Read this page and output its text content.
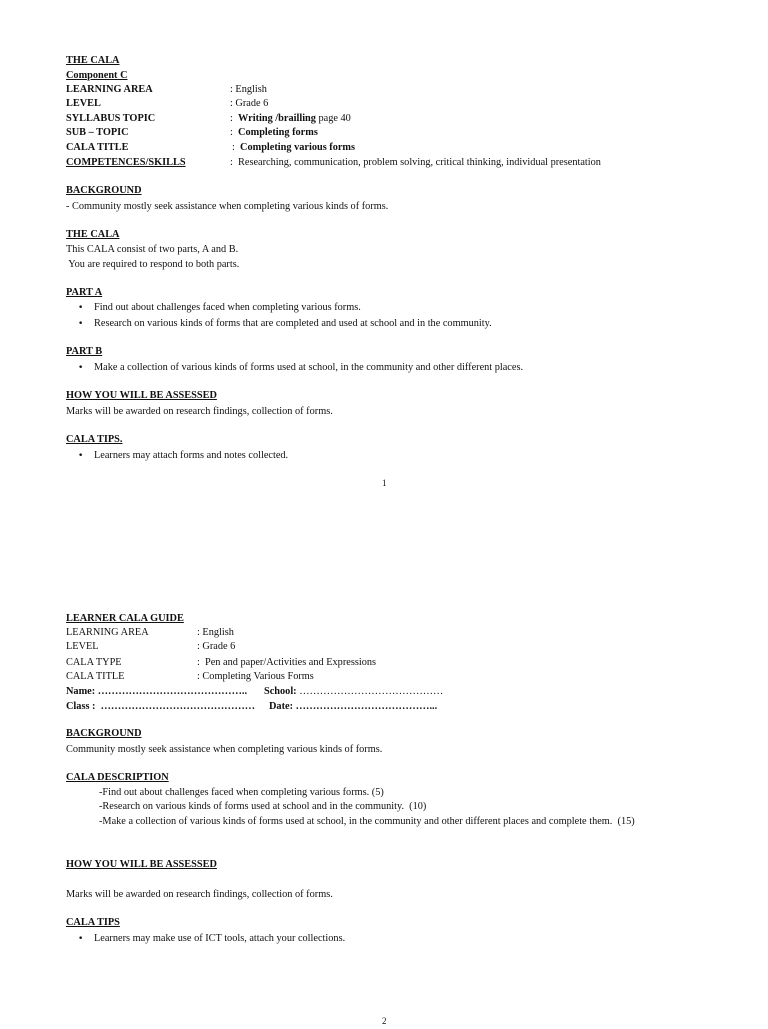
THE CALA
Component C
LEARNING AREA	: English
LEVEL	: Grade 6
SYLLABUS TOPIC	: Writing /brailling page 40
SUB – TOPIC	: Completing forms
CALA TITLE	: Completing various forms
COMPETENCES/SKILLS	: Researching, communication, problem solving, critical thinking, individual presentation
BACKGROUND
- Community mostly seek assistance when completing various kinds of forms.
THE CALA
This CALA consist of two parts, A and B.
You are required to respond to both parts.
PART A
• Find out about challenges faced when completing various forms.
• Research on various kinds of forms that are completed and used at school and in the community.
PART B
• Make a collection of various kinds of forms used at school, in the community and other different places.
HOW YOU WILL BE ASSESSED
Marks will be awarded on research findings, collection of forms.
CALA TIPS.
• Learners may attach forms and notes collected.
1
LEARNER CALA GUIDE
LEARNING AREA	: English
LEVEL	: Grade 6
CALA TYPE	:  Pen and paper/Activities and Expressions
CALA TITLE	: Completing Various Forms
Name: …………………………………….. School: ……………………………………
Class :  ……………………………………… Date: …………………………………...
BACKGROUND
Community mostly seek assistance when completing various kinds of forms.
CALA DESCRIPTION
-Find out about challenges faced when completing various forms. (5)
-Research on various kinds of forms used at school and in the community.  (10)
-Make a collection of various kinds of forms used at school, in the community and other different places and complete them.  (15)
HOW YOU WILL BE ASSESSED
Marks will be awarded on research findings, collection of forms.
CALA TIPS
• Learners may make use of ICT tools, attach your collections.
2
